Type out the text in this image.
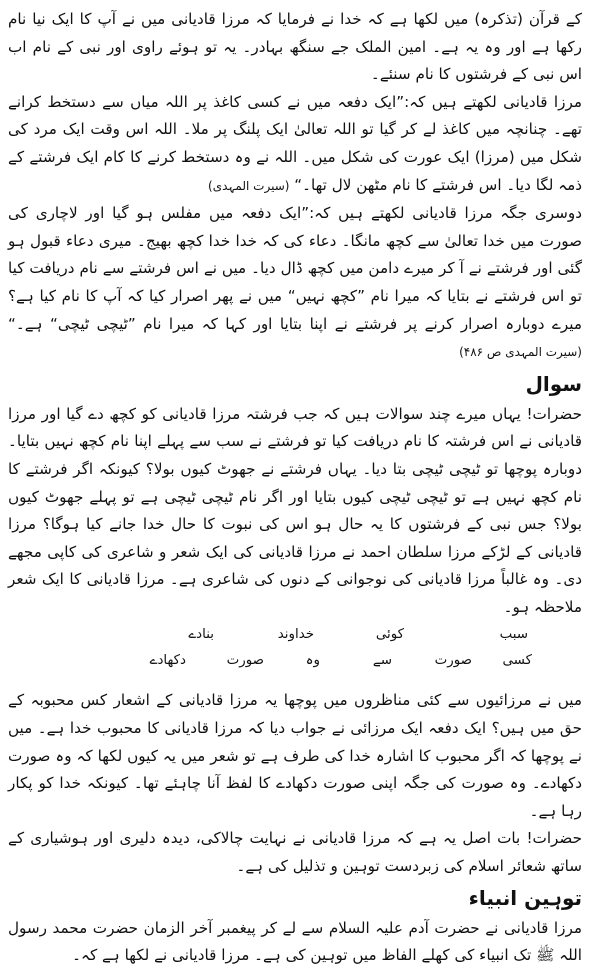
کے قرآن (تذکرہ) میں لکھا ہے کہ خدا نے فرمایا کہ مرزا قادیانی میں نے آپ کا ایک نیا نام رکھا ہے اور وہ یہ ہے۔ امین الملک جے سنگھ بہادر۔ یہ تو ہوئے راوی اور نبی کے نام اب اس نبی کے فرشتوں کا نام سنئے۔

مرزا قادیانی لکھتے ہیں کہ:”ایک دفعہ میں نے کسی کاغذ پر اللہ میاں سے دستخط کرانے تھے۔ چنانچہ میں کاغذ لے کر گیا تو اللہ تعالیٰ ایک پلنگ پر ملا۔ اللہ اس وقت ایک مرد کی شکل میں (مرزا) ایک عورت کی شکل میں۔ اللہ نے وہ دستخط کرنے کا کام ایک فرشتے کے ذمہ لگا دیا۔ اس فرشتے کا نام مٹھن لال تھا۔“ (سیرت المہدی)

دوسری جگہ مرزا قادیانی لکھتے ہیں کہ:”ایک دفعہ میں مفلس ہو گیا اور لاچاری کی صورت میں خدا تعالیٰ سے کچھ مانگا۔ دعاء کی کہ خدا خدا کچھ بھیج۔ میری دعاء قبول ہو گئی اور فرشتے نے آ کر میرے دامن میں کچھ ڈال دیا۔ میں نے اس فرشتے سے نام دریافت کیا تو اس فرشتے نے بتایا کہ میرا نام ”کچھ نہیں“ میں نے پھر اصرار کیا کہ آپ کا نام کیا ہے؟ میرے دوبارہ اصرار کرنے پر فرشتے نے اپنا بتایا اور کہا کہ میرا نام ”ٹیچی ٹیچی“ ہے۔“ (سیرت المہدی ص ۴۸۶)

سوال

حضرات! یہاں میرے چند سوالات ہیں کہ جب فرشتہ مرزا قادیانی کو کچھ دے گیا اور مرزا قادیانی نے اس فرشتہ کا نام دریافت کیا تو فرشتے نے سب سے پہلے اپنا نام کچھ نہیں بتایا۔ دوبارہ پوچھا تو ٹیچی ٹیچی بتا دیا۔ یہاں فرشتے نے جھوٹ کیوں بولا؟ کیونکہ اگر فرشتے کا نام کچھ نہیں ہے تو ٹیچی ٹیچی کیوں بتایا اور اگر نام ٹیچی ٹیچی ہے تو پہلے جھوٹ کیوں بولا؟ جس نبی کے فرشتوں کا یہ حال ہو اس کی نبوت کا حال خدا جانے کیا ہوگا؟ مرزا قادیانی کے لڑکے مرزا سلطان احمد نے مرزا قادیانی کی ایک شعر و شاعری کی کاپی مجھے دی۔ وہ غالباً مرزا قادیانی کی نوجوانی کے دنوں کی شاعری ہے۔ مرزا قادیانی کا ایک شعر ملاحظہ ہو۔

سبب
کوئی
خداوند
بنادے
کسی
صورت
سے
وہ
صورت
دکھادے

میں نے مرزائیوں سے کئی مناظروں میں پوچھا یہ مرزا قادیانی کے اشعار کس محبوبہ کے حق میں ہیں؟ ایک دفعہ ایک مرزائی نے جواب دیا کہ مرزا قادیانی کا محبوب خدا ہے۔ میں نے پوچھا کہ اگر محبوب کا اشارہ خدا کی طرف ہے تو شعر میں یہ کیوں لکھا کہ وہ صورت دکھادے۔ وہ صورت کی جگہ اپنی صورت دکھادے کا لفظ آنا چاہئے تھا۔ کیونکہ خدا کو پکار رہا ہے۔

حضرات! بات اصل یہ ہے کہ مرزا قادیانی نے نہایت چالاکی، دیدہ دلیری اور ہوشیاری کے ساتھ شعائر اسلام کی زبردست توہین و تذلیل کی ہے۔

توہین انبیاء

مرزا قادیانی نے حضرت آدم علیہ السلام سے لے کر پیغمبر آخر الزمان حضرت محمد رسول اللہ ﷺ تک انبیاء کی کھلے الفاظ میں توہین کی ہے۔ مرزا قادیانی نے لکھا ہے کہ۔
